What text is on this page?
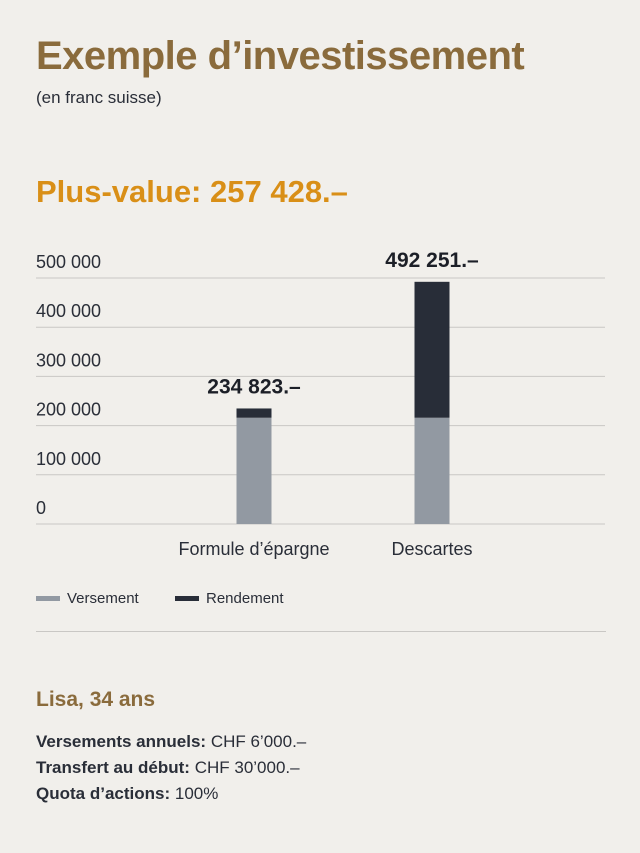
Exemple d’investissement
(en franc suisse)
Plus-value: 257 428.–
0
100 000
200 000
300 000
400 000
500 000
234 823.–
Formule d’épargne
492 251.–
Descartes
Versement	Rendement
Lisa, 34 ans
Versements annuels: CHF 6’000.–
Transfert au début: CHF 30’000.–
Quota d’actions: 100%
